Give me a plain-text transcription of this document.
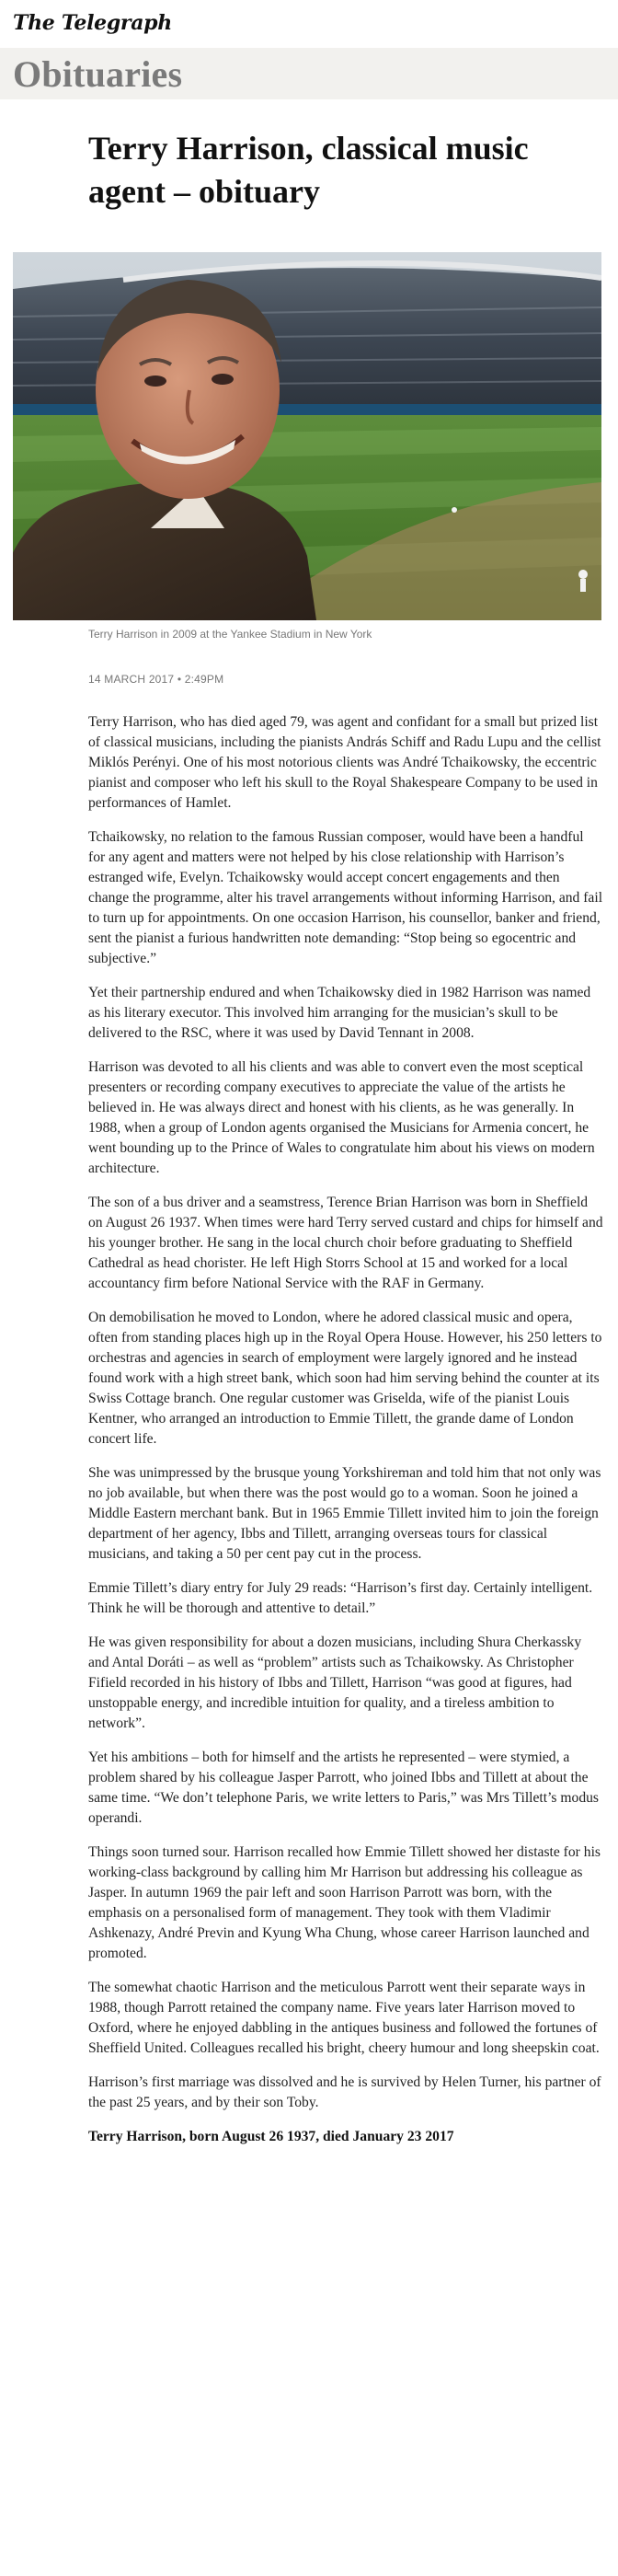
The Telegraph
Obituaries
Terry Harrison, classical music agent – obituary
Terry Harrison in 2009 at the Yankee Stadium in New York
14 MARCH 2017 • 2:49PM

Terry Harrison, who has died aged 79, was agent and confidant for a small but prized list of classical musicians, including the pianists András Schiff and Radu Lupu and the cellist Miklós Perényi. One of his most notorious clients was André Tchaikowsky, the eccentric pianist and composer who left his skull to the Royal Shakespeare Company to be used in performances of Hamlet.

Tchaikowsky, no relation to the famous Russian composer, would have been a handful for any agent and matters were not helped by his close relationship with Harrison’s estranged wife, Evelyn. Tchaikowsky would accept concert engagements and then change the programme, alter his travel arrangements without informing Harrison, and fail to turn up for appointments. On one occasion Harrison, his counsellor, banker and friend, sent the pianist a furious handwritten note demanding: “Stop being so egocentric and subjective.”

Yet their partnership endured and when Tchaikowsky died in 1982 Harrison was named as his literary executor. This involved him arranging for the musician’s skull to be delivered to the RSC, where it was used by David Tennant in 2008.

Harrison was devoted to all his clients and was able to convert even the most sceptical presenters or recording company executives to appreciate the value of the artists he believed in. He was always direct and honest with his clients, as he was generally. In 1988, when a group of London agents organised the Musicians for Armenia concert, he went bounding up to the Prince of Wales to congratulate him about his views on modern architecture.

The son of a bus driver and a seamstress, Terence Brian Harrison was born in Sheffield on August 26 1937. When times were hard Terry served custard and chips for himself and his younger brother. He sang in the local church choir before graduating to Sheffield Cathedral as head chorister. He left High Storrs School at 15 and worked for a local accountancy firm before National Service with the RAF in Germany.

On demobilisation he moved to London, where he adored classical music and opera, often from standing places high up in the Royal Opera House. However, his 250 letters to orchestras and agencies in search of employment were largely ignored and he instead found work with a high street bank, which soon had him serving behind the counter at its Swiss Cottage branch. One regular customer was Griselda, wife of the pianist Louis Kentner, who arranged an introduction to Emmie Tillett, the grande dame of London concert life.

She was unimpressed by the brusque young Yorkshireman and told him that not only was no job available, but when there was the post would go to a woman. Soon he joined a Middle Eastern merchant bank. But in 1965 Emmie Tillett invited him to join the foreign department of her agency, Ibbs and Tillett, arranging overseas tours for classical musicians, and taking a 50 per cent pay cut in the process.

Emmie Tillett’s diary entry for July 29 reads: “Harrison’s first day. Certainly intelligent. Think he will be thorough and attentive to detail.”

He was given responsibility for about a dozen musicians, including Shura Cherkassky and Antal Doráti – as well as “problem” artists such as Tchaikowsky. As Christopher Fifield recorded in his history of Ibbs and Tillett, Harrison “was good at figures, had unstoppable energy, and incredible intuition for quality, and a tireless ambition to network”.

Yet his ambitions – both for himself and the artists he represented – were stymied, a problem shared by his colleague Jasper Parrott, who joined Ibbs and Tillett at about the same time. “We don’t telephone Paris, we write letters to Paris,” was Mrs Tillett’s modus operandi.

Things soon turned sour. Harrison recalled how Emmie Tillett showed her distaste for his working-class background by calling him Mr Harrison but addressing his colleague as Jasper. In autumn 1969 the pair left and soon Harrison Parrott was born, with the emphasis on a personalised form of management. They took with them Vladimir Ashkenazy, André Previn and Kyung Wha Chung, whose career Harrison launched and promoted.

The somewhat chaotic Harrison and the meticulous Parrott went their separate ways in 1988, though Parrott retained the company name. Five years later Harrison moved to Oxford, where he enjoyed dabbling in the antiques business and followed the fortunes of Sheffield United. Colleagues recalled his bright, cheery humour and long sheepskin coat.

Harrison’s first marriage was dissolved and he is survived by Helen Turner, his partner of the past 25 years, and by their son Toby.

Terry Harrison, born August 26 1937, died January 23 2017
